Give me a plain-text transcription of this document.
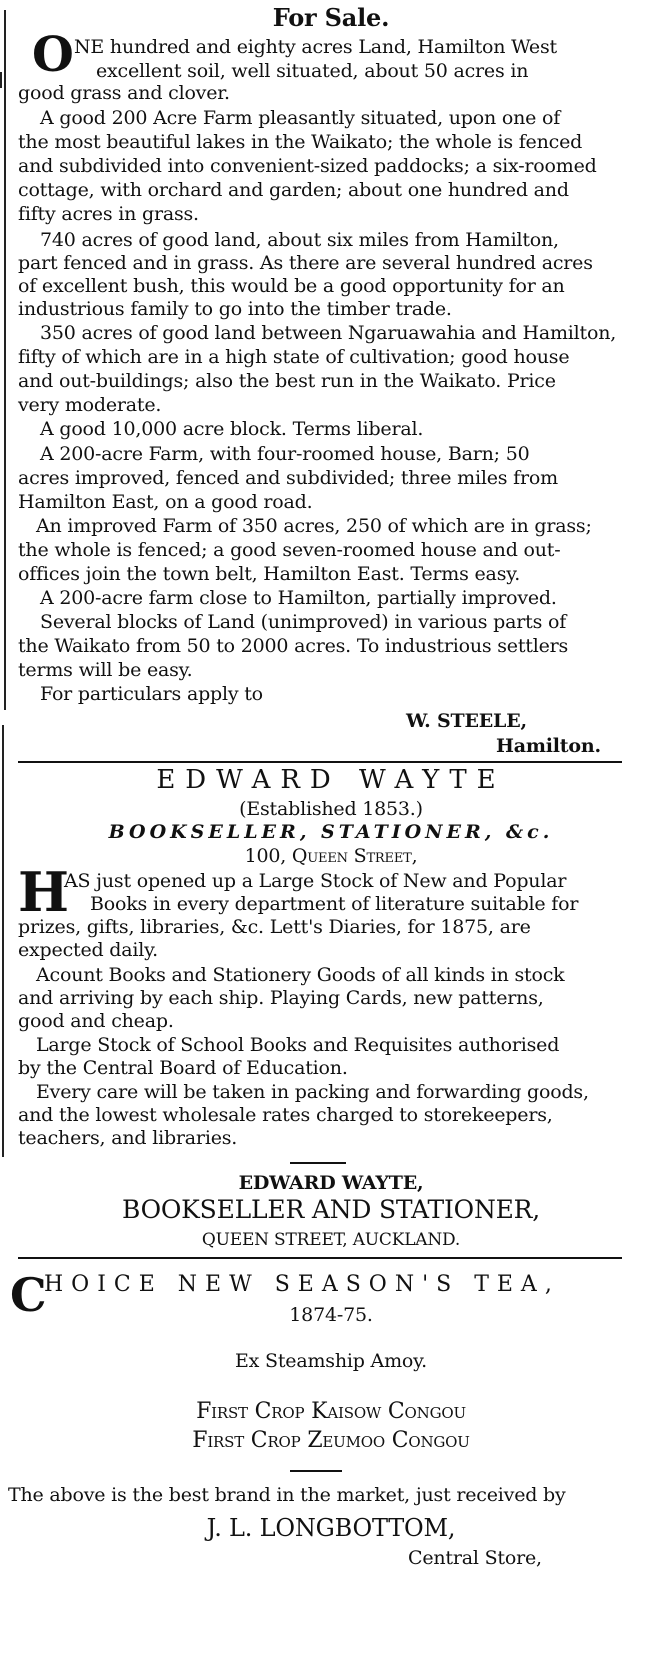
For Sale.
O NE hundred and eighty acres Land, Hamilton West
excellent soil, well situated, about 50 acres in
good grass and clover.
A good 200 Acre Farm pleasantly situated, upon one of
the most beautiful lakes in the Waikato; the whole is fenced
and subdivided into convenient-sized paddocks; a six-roomed
cottage, with orchard and garden; about one hundred and
fifty acres in grass.
740 acres of good land, about six miles from Hamilton,
part fenced and in grass. As there are several hundred acres
of excellent bush, this would be a good opportunity for an
industrious family to go into the timber trade.
350 acres of good land between Ngaruawahia and Hamilton,
fifty of which are in a high state of cultivation; good house
and out-buildings; also the best run in the Waikato. Price
very moderate.
A good 10,000 acre block. Terms liberal.
A 200-acre Farm, with four-roomed house, Barn; 50
acres improved, fenced and subdivided; three miles from
Hamilton East, on a good road.
An improved Farm of 350 acres, 250 of which are in grass;
the whole is fenced; a good seven-roomed house and out-
offices join the town belt, Hamilton East. Terms easy.
A 200-acre farm close to Hamilton, partially improved.
Several blocks of Land (unimproved) in various parts of
the Waikato from 50 to 2000 acres. To industrious settlers
terms will be easy.
For particulars apply to
W. STEELE,
Hamilton.
EDWARD WAYTE
(Established 1853.)
BOOKSELLER, STATIONER, &c.
100, Queen Street,
H
AS just opened up a Large Stock of New and Popular
Books in every department of literature suitable for
prizes, gifts, libraries, &c. Lett's Diaries, for 1875, are
expected daily.
Acount Books and Stationery Goods of all kinds in stock
and arriving by each ship. Playing Cards, new patterns,
good and cheap.
Large Stock of School Books and Requisites authorised
by the Central Board of Education.
Every care will be taken in packing and forwarding goods,
and the lowest wholesale rates charged to storekeepers,
teachers, and libraries.
EDWARD WAYTE,
BOOKSELLER AND STATIONER,
QUEEN STREET, AUCKLAND.
C
HOICE NEW SEASON'S TEA,
1874-75.
Ex Steamship Amoy.
First Crop Kaisow Congou
First Crop Zeumoo Congou
The above is the best brand in the market, just received by
J. L. LONGBOTTOM,
Central Store,
